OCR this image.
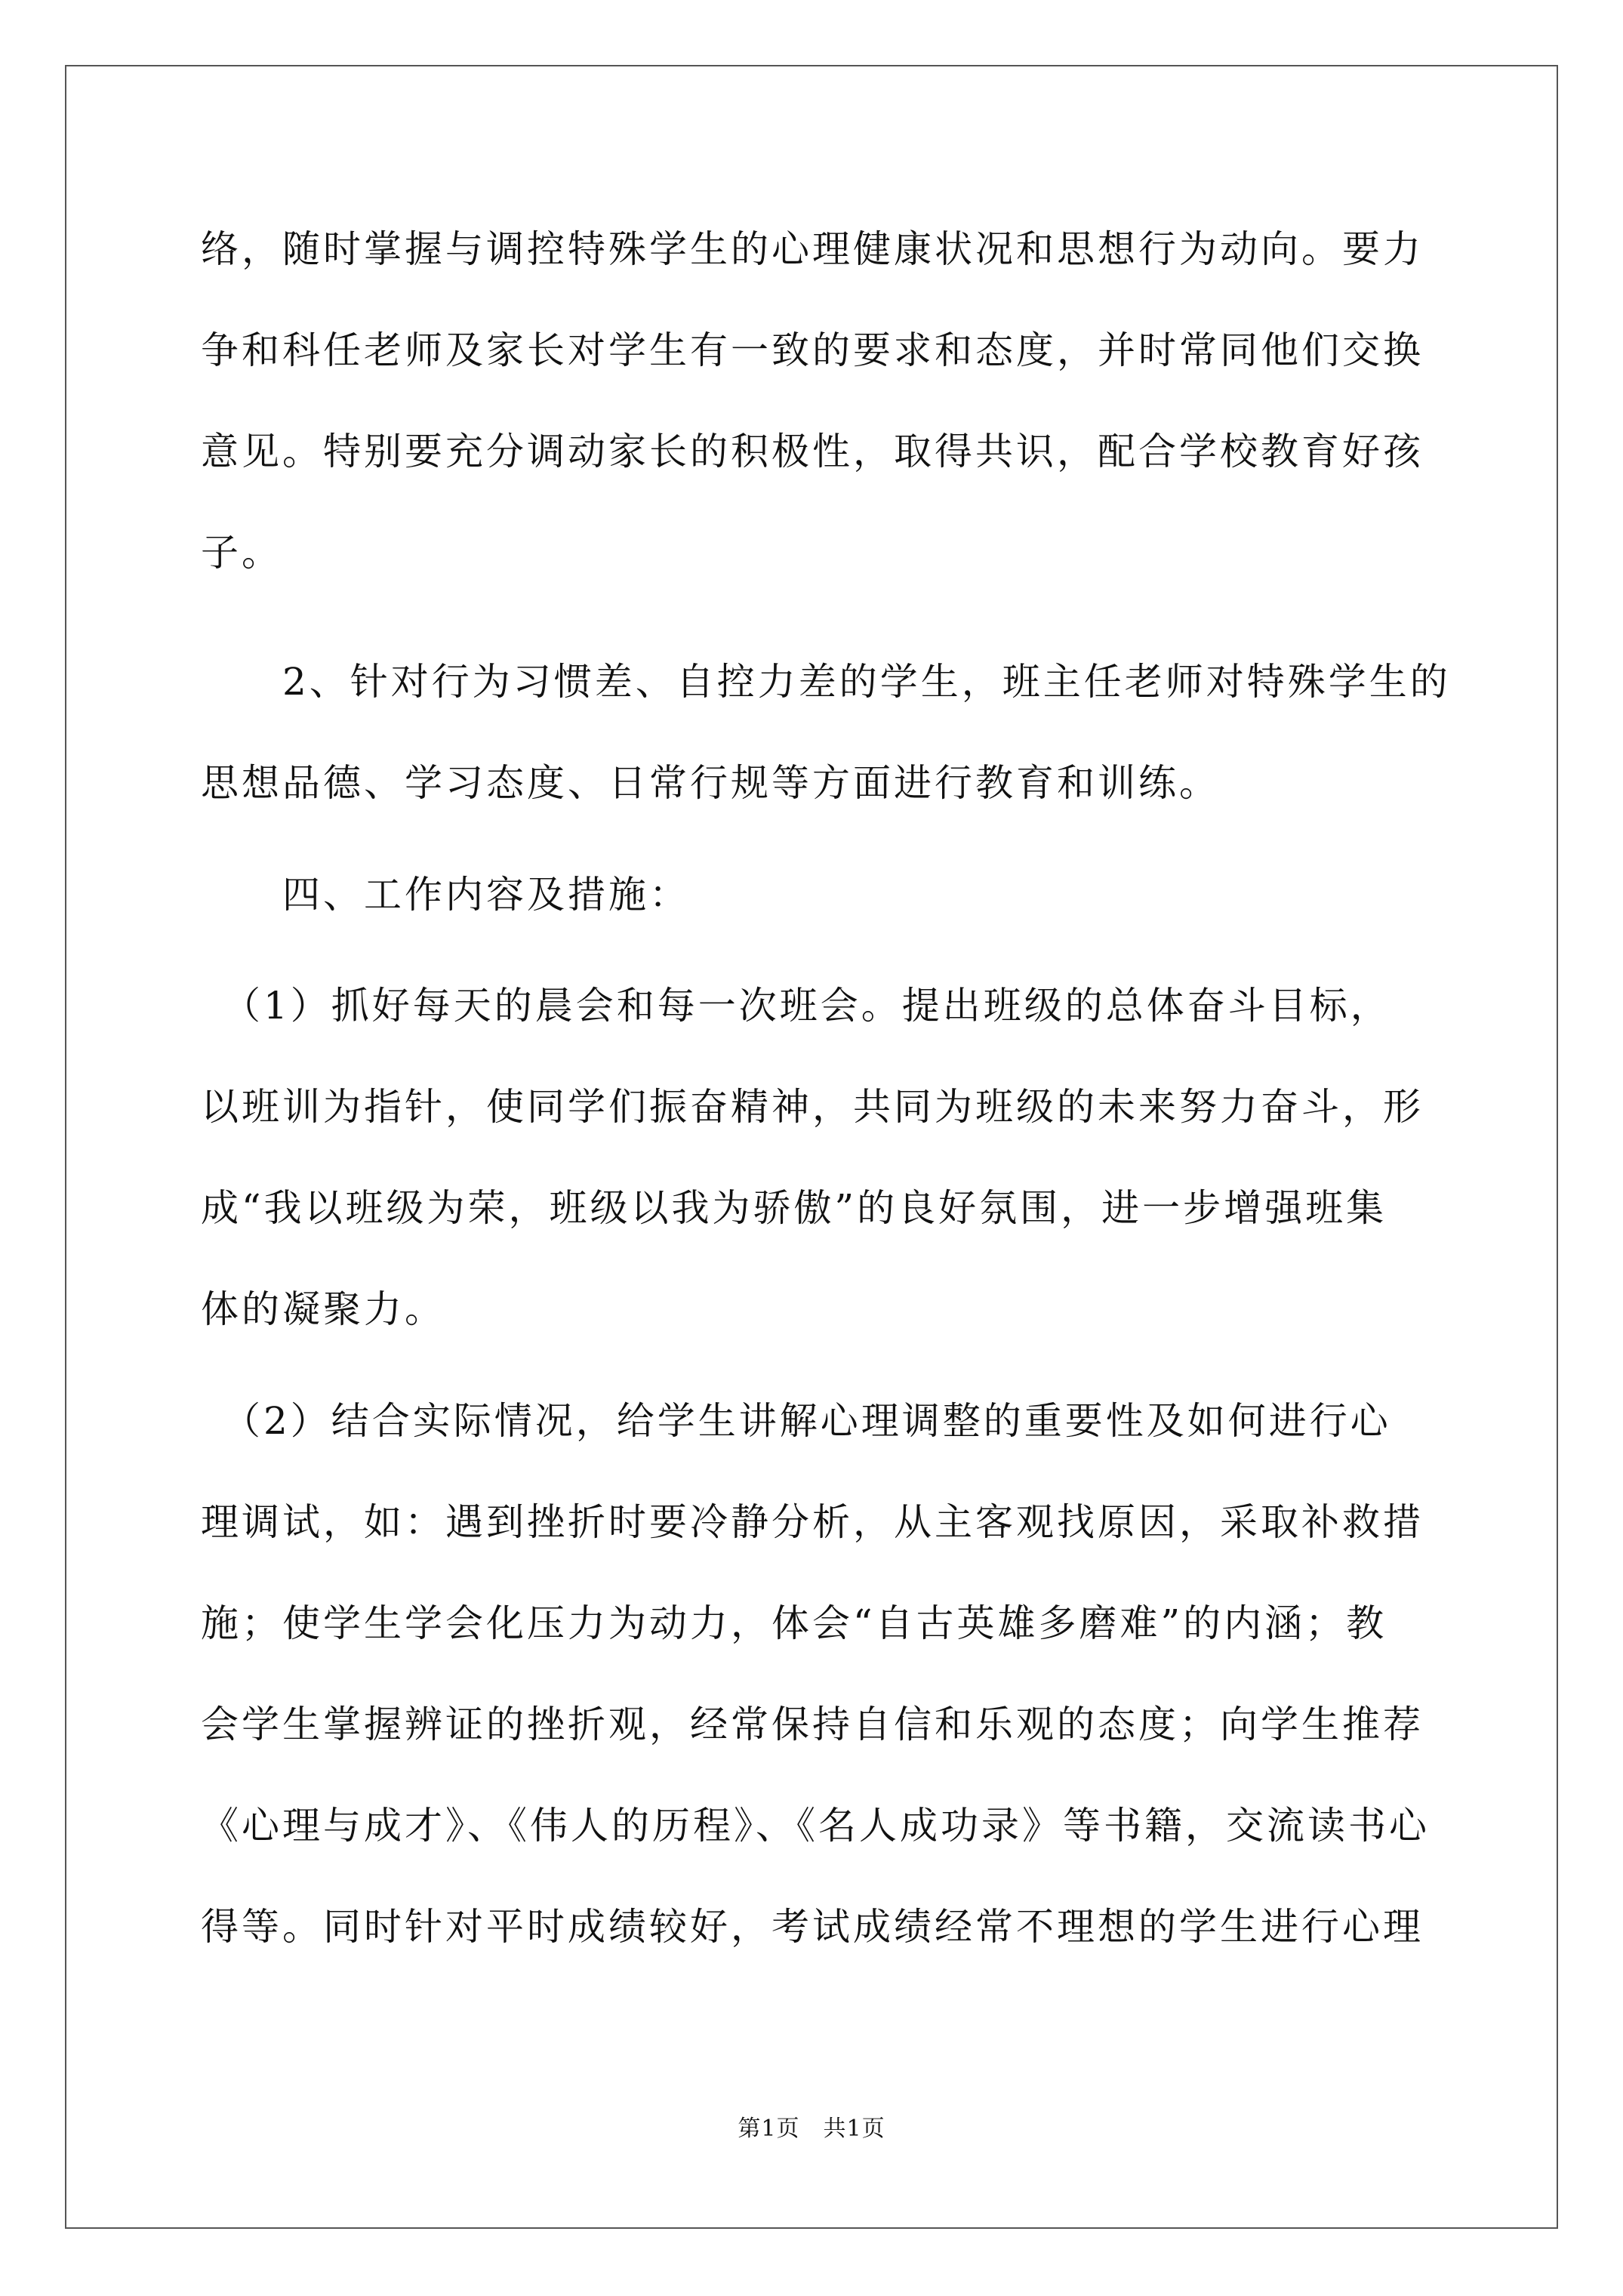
络，随时掌握与调控特殊学生的心理健康状况和思想行为动向。要力
争和科任老师及家长对学生有一致的要求和态度，并时常同他们交换
意见。特别要充分调动家长的积极性，取得共识，配合学校教育好孩
子。
　　2、针对行为习惯差、自控力差的学生，班主任老师对特殊学生的
思想品德、学习态度、日常行规等方面进行教育和训练。
　　四、工作内容及措施：
　（1）抓好每天的晨会和每一次班会。提出班级的总体奋斗目标，
以班训为指针，使同学们振奋精神，共同为班级的未来努力奋斗，形
成“我以班级为荣，班级以我为骄傲”的良好氛围，进一步增强班集
体的凝聚力。
　（2）结合实际情况，给学生讲解心理调整的重要性及如何进行心
理调试，如：遇到挫折时要冷静分析，从主客观找原因，采取补救措
施；使学生学会化压力为动力，体会“自古英雄多磨难”的内涵；教
会学生掌握辨证的挫折观，经常保持自信和乐观的态度；向学生推荐
《心理与成才》、《伟人的历程》、《名人成功录》等书籍，交流读书心
得等。同时针对平时成绩较好，考试成绩经常不理想的学生进行心理
第1页　共1页
